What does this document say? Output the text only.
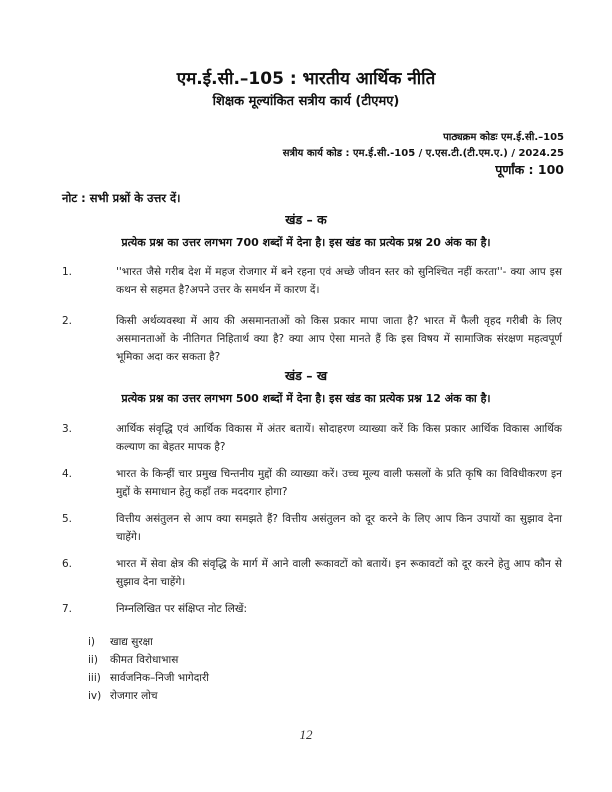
एम.ई.सी.–105 : भारतीय आर्थिक नीति
शिक्षक मूल्यांकित सत्रीय कार्य (टीएमए)
पाठ्यक्रम कोडः एम.ई.सी.–105
सत्रीय कार्य कोड : एम.ई.सी.-105 / ए.एस.टी.(टी.एम.ए.) / 2024.25
पूर्णांक : 100
नोट : सभी प्रश्नों के उत्तर दें।
खंड – क
प्रत्येक प्रश्न का उत्तर लगभग 700 शब्दों में देना है। इस खंड का प्रत्येक प्रश्न 20 अंक का है।
1.	''भारत जैसे गरीब देश में महज रोजगार में बने रहना एवं अच्छे जीवन स्तर को सुनिश्चित नहीं करता''- क्या आप इस कथन से सहमत है?अपने उत्तर के समर्थन में कारण दें।
2.	किसी अर्थव्यवस्था में आय की असमानताओं को किस प्रकार मापा जाता है? भारत में फैली वृहद गरीबी के लिए असमानताओं के नीतिगत निहितार्थ क्या है? क्या आप ऐसा मानते हैं कि इस विषय में सामाजिक संरक्षण महत्वपूर्ण भूमिका अदा कर सकता है?
खंड – ख
प्रत्येक प्रश्न का उत्तर लगभग 500 शब्दों में देना है। इस खंड का प्रत्येक प्रश्न 12 अंक का है।
3.	आर्थिक संवृद्धि एवं आर्थिक विकास में अंतर बतायें। सोदाहरण व्याख्या करें कि किस प्रकार आर्थिक विकास आर्थिक कल्याण का बेहतर मापक है?
4.	भारत के किन्हीं चार प्रमुख चिन्तनीय मुद्दों की व्याख्या करें। उच्च मूल्य वाली फसलों के प्रति कृषि का विविधीकरण इन मुद्दों के समाधान हेतु कहाँ तक मददगार होगा?
5.	वित्तीय असंतुलन से आप क्या समझते हैं? वित्तीय असंतुलन को दूर करने के लिए आप किन उपायों का सुझाव देना चाहेंगे।
6.	भारत में सेवा क्षेत्र की संवृद्धि के मार्ग में आने वाली रूकावटों को बतायें। इन रूकावटों को दूर करने हेतु आप कौन से सुझाव देना चाहेंगे।
7.	निम्नलिखित पर संक्षिप्त नोट लिखें:
i) खाद्य सुरक्षा
ii) कीमत विरोधाभास
iii) सार्वजनिक–निजी भागेदारी
iv) रोजगार लोच
12
